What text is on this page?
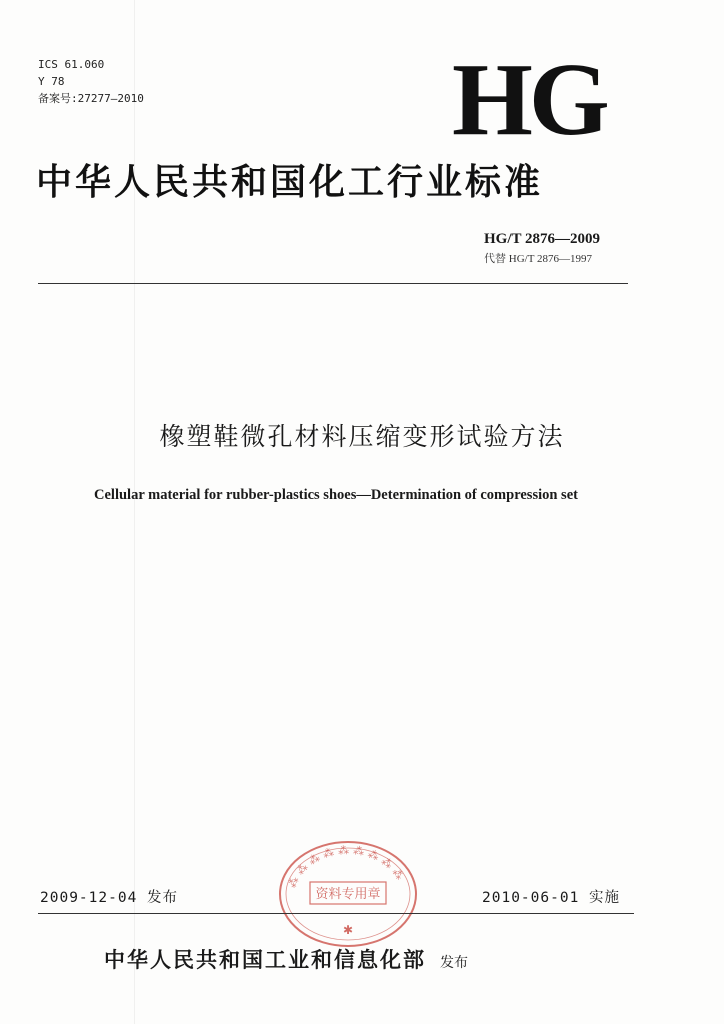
ICS 61.060
Y 78
备案号:27277—2010	HG
中华人民共和国化工行业标准
HG/T 2876—2009
代替 HG/T 2876—1997
橡塑鞋微孔材料压缩变形试验方法
Cellular material for rubber-plastics shoes—Determination of compression set
⁂ ⁂ ⁂ ⁂ ⁂ ⁂ ⁂ ⁂ ⁂
资料专用章
✱
2009-12-04 发布	2010-06-01 实施
中华人民共和国工业和信息化部 发布
